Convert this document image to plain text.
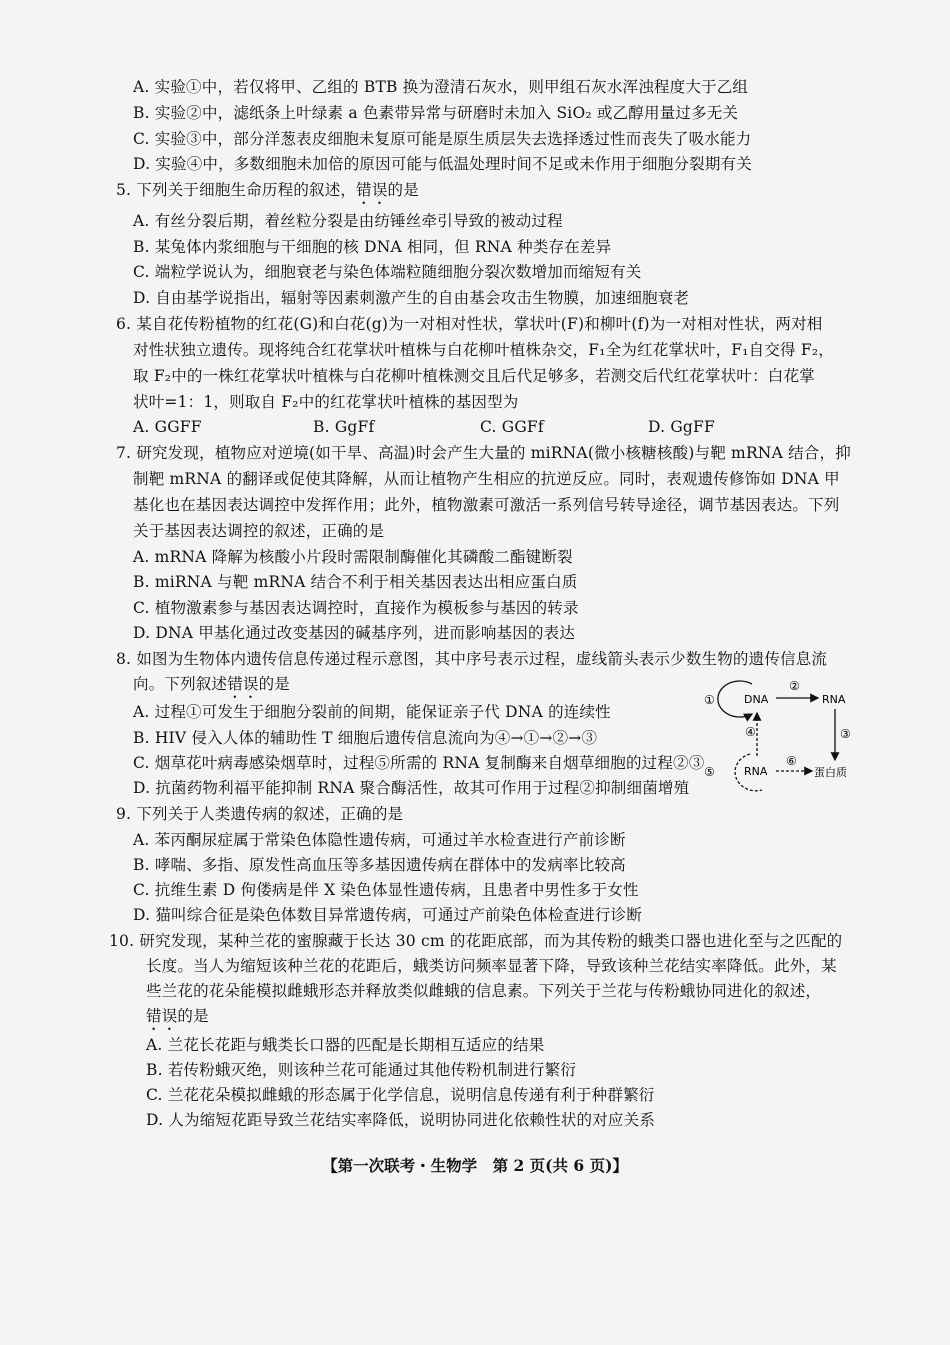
A. 实验①中，若仅将甲、乙组的 BTB 换为澄清石灰水，则甲组石灰水浑浊程度大于乙组
B. 实验②中，滤纸条上叶绿素 a 色素带异常与研磨时未加入 SiO₂ 或乙醇用量过多无关
C. 实验③中，部分洋葱表皮细胞未复原可能是原生质层失去选择透过性而丧失了吸水能力
D. 实验④中，多数细胞未加倍的原因可能与低温处理时间不足或未作用于细胞分裂期有关
5. 下列关于细胞生命历程的叙述，错误的是
A. 有丝分裂后期，着丝粒分裂是由纺锤丝牵引导致的被动过程
B. 某兔体内浆细胞与干细胞的核 DNA 相同，但 RNA 种类存在差异
C. 端粒学说认为，细胞衰老与染色体端粒随细胞分裂次数增加而缩短有关
D. 自由基学说指出，辐射等因素刺激产生的自由基会攻击生物膜，加速细胞衰老
6. 某自花传粉植物的红花(G)和白花(g)为一对相对性状，掌状叶(F)和柳叶(f)为一对相对性状，两对相
对性状独立遗传。现将纯合红花掌状叶植株与白花柳叶植株杂交，F₁全为红花掌状叶，F₁自交得 F₂，
取 F₂中的一株红花掌状叶植株与白花柳叶植株测交且后代足够多，若测交后代红花掌状叶：白花掌
状叶=1：1，则取自 F₂中的红花掌状叶植株的基因型为
A. GGFF	B. GgFf	C. GGFf	D. GgFF
7. 研究发现，植物应对逆境(如干旱、高温)时会产生大量的 miRNA(微小核糖核酸)与靶 mRNA 结合，抑
制靶 mRNA 的翻译或促使其降解，从而让植物产生相应的抗逆反应。同时，表观遗传修饰如 DNA 甲
基化也在基因表达调控中发挥作用；此外，植物激素可激活一系列信号转导途径，调节基因表达。下列
关于基因表达调控的叙述，正确的是
A. mRNA 降解为核酸小片段时需限制酶催化其磷酸二酯键断裂
B. miRNA 与靶 mRNA 结合不利于相关基因表达出相应蛋白质
C. 植物激素参与基因表达调控时，直接作为模板参与基因的转录
D. DNA 甲基化通过改变基因的碱基序列，进而影响基因的表达
8. 如图为生物体内遗传信息传递过程示意图，其中序号表示过程，虚线箭头表示少数生物的遗传信息流
向。下列叙述错误的是
A. 过程①可发生于细胞分裂前的间期，能保证亲子代 DNA 的连续性
B. HIV 侵入人体的辅助性 T 细胞后遗传信息流向为④→①→②→③
C. 烟草花叶病毒感染烟草时，过程⑤所需的 RNA 复制酶来自烟草细胞的过程②③
D. 抗菌药物利福平能抑制 RNA 聚合酶活性，故其可作用于过程②抑制细菌增殖
①	DNA
②
RNA
③
④
⑤	RNA
⑥
蛋白质
9. 下列关于人类遗传病的叙述，正确的是
A. 苯丙酮尿症属于常染色体隐性遗传病，可通过羊水检查进行产前诊断
B. 哮喘、多指、原发性高血压等多基因遗传病在群体中的发病率比较高
C. 抗维生素 D 佝偻病是伴 X 染色体显性遗传病，且患者中男性多于女性
D. 猫叫综合征是染色体数目异常遗传病，可通过产前染色体检查进行诊断
10. 研究发现，某种兰花的蜜腺藏于长达 30 cm 的花距底部，而为其传粉的蛾类口器也进化至与之匹配的
长度。当人为缩短该种兰花的花距后，蛾类访问频率显著下降，导致该种兰花结实率降低。此外，某
些兰花的花朵能模拟雌蛾形态并释放类似雌蛾的信息素。下列关于兰花与传粉蛾协同进化的叙述，
错误的是
A. 兰花长花距与蛾类长口器的匹配是长期相互适应的结果
B. 若传粉蛾灭绝，则该种兰花可能通过其他传粉机制进行繁衍
C. 兰花花朵模拟雌蛾的形态属于化学信息，说明信息传递有利于种群繁衍
D. 人为缩短花距导致兰花结实率降低，说明协同进化依赖性状的对应关系
【第一次联考・生物学　第 2 页(共 6 页)】
